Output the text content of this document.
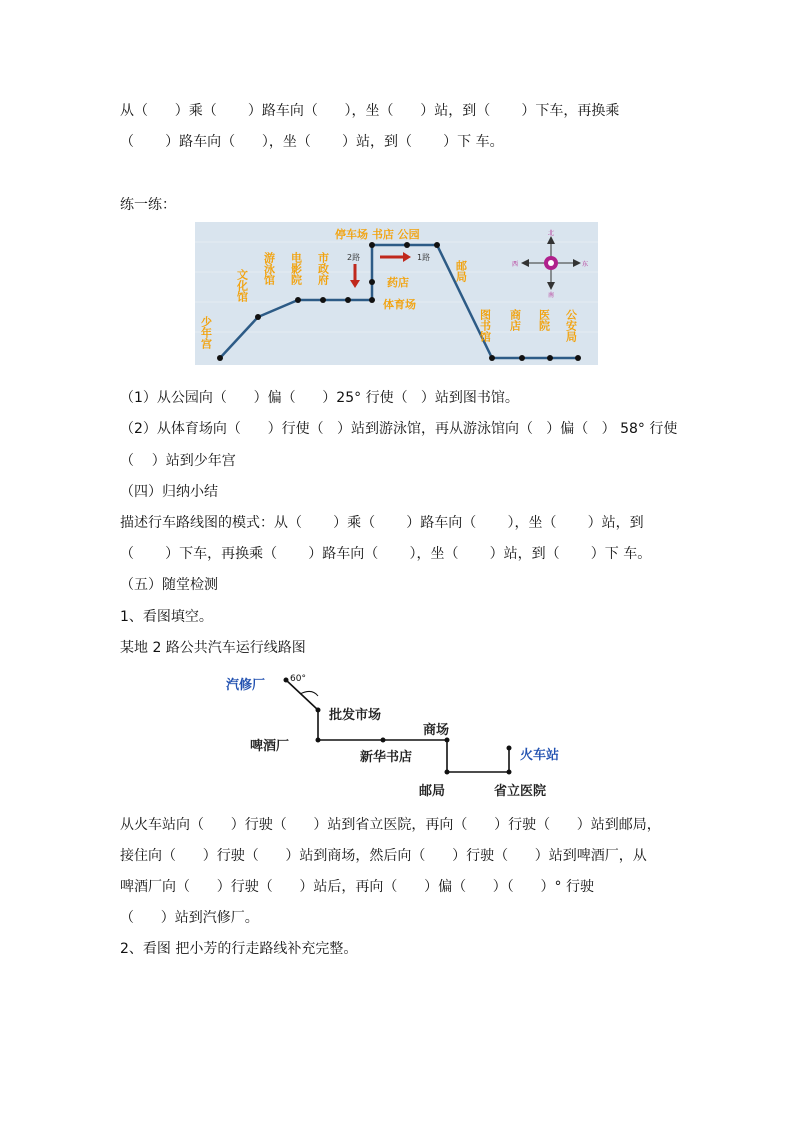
从（      ）乘（       ）路车向（      ），坐（      ）站，到（       ）下车，再换乘
（       ）路车向（      ），坐（       ）站，到（       ）下 车。
练一练：
停车场 书店 公园
少年宫
文化馆
游泳馆 电影院 市政府	药店
体育场
邮局
图书馆 商店 医院 公安局
2路	1路
北
南
西	东
（1）从公园向（      ）偏（      ）25° 行使（   ）站到图书馆。
（2）从体育场向（      ）行使（   ）站到游泳馆，再从游泳馆向（   ）偏（   ） 58° 行使
（    ）站到少年宫
（四）归纳小结
描述行车路线图的模式：从（       ）乘（       ）路车向（       ），坐（       ）站，到
（       ）下车，再换乘（       ）路车向（       ），坐（       ）站，到（       ）下 车。
（五）随堂检测
1、看图填空。
某地 2 路公共汽车运行线路图
汽修厂	60°
批发市场
啤酒厂
商场
新华书店	火车站
邮局	省立医院
从火车站向（      ）行驶（      ）站到省立医院，再向（      ）行驶（      ）站到邮局，
接住向（      ）行驶（      ）站到商场，然后向（      ）行驶（      ）站到啤酒厂，从
啤酒厂向（      ）行驶（      ）站后，再向（      ）偏（      ）（      ）° 行驶
（      ）站到汽修厂。
2、看图 把小芳的行走路线补充完整。
